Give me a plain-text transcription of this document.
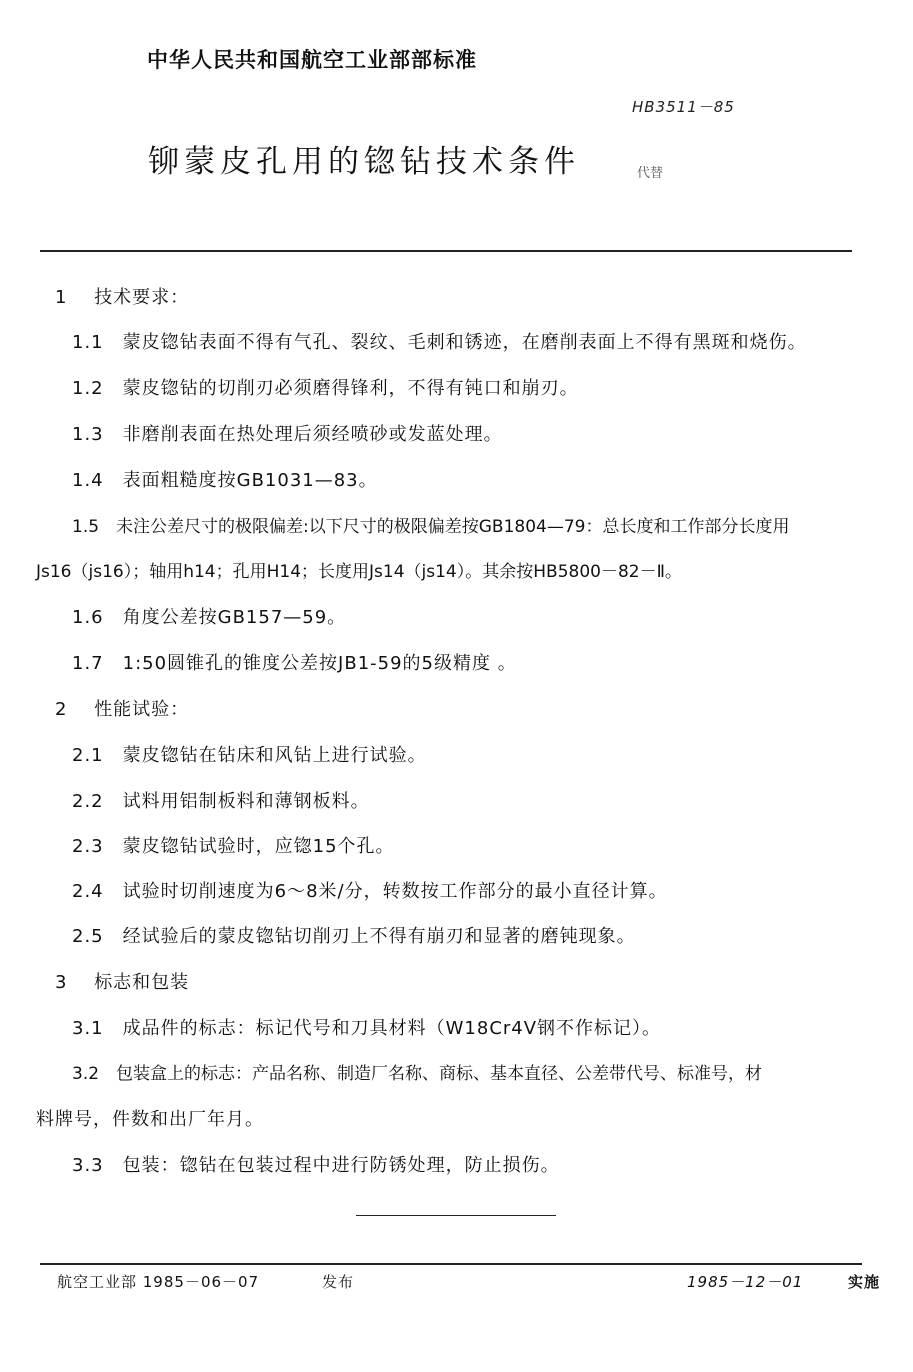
中华人民共和国航空工业部部标准
HB3511－85
铆蒙皮孔用的锪钻技术条件	代替
1 技术要求：
1.1　蒙皮锪钻表面不得有气孔、裂纹、毛刺和锈迹，在磨削表面上不得有黑斑和烧伤。
1.2　蒙皮锪钻的切削刃必须磨得锋利，不得有钝口和崩刃。
1.3　非磨削表面在热处理后须经喷砂或发蓝处理。
1.4　表面粗糙度按GB1031—83。
1.5　未注公差尺寸的极限偏差:以下尺寸的极限偏差按GB1804—79：总长度和工作部分长度用
Js16（js16）；轴用h14；孔用H14；长度用Js14（js14）。其余按HB5800－82－Ⅱ。
1.6　角度公差按GB157—59。
1.7　1:50圆锥孔的锥度公差按JB1-59的5级精度 。
2 性能试验：
2.1　蒙皮锪钻在钻床和风钻上进行试验。
2.2　试料用铝制板料和薄钢板料。
2.3　蒙皮锪钻试验时，应锪15个孔。
2.4　试验时切削速度为6～8米/分，转数按工作部分的最小直径计算。
2.5　经试验后的蒙皮锪钻切削刃上不得有崩刃和显著的磨钝现象。
3 标志和包装
3.1　成品件的标志：标记代号和刀具材料（W18Cr4V钢不作标记）。
3.2　包装盒上的标志：产品名称、制造厂名称、商标、基本直径、公差带代号、标准号，材
料牌号，件数和出厂年月。
3.3　包装：锪钻在包装过程中进行防锈处理，防止损伤。
航空工业部 1985－06－07	发布	1985－12－01	实施
